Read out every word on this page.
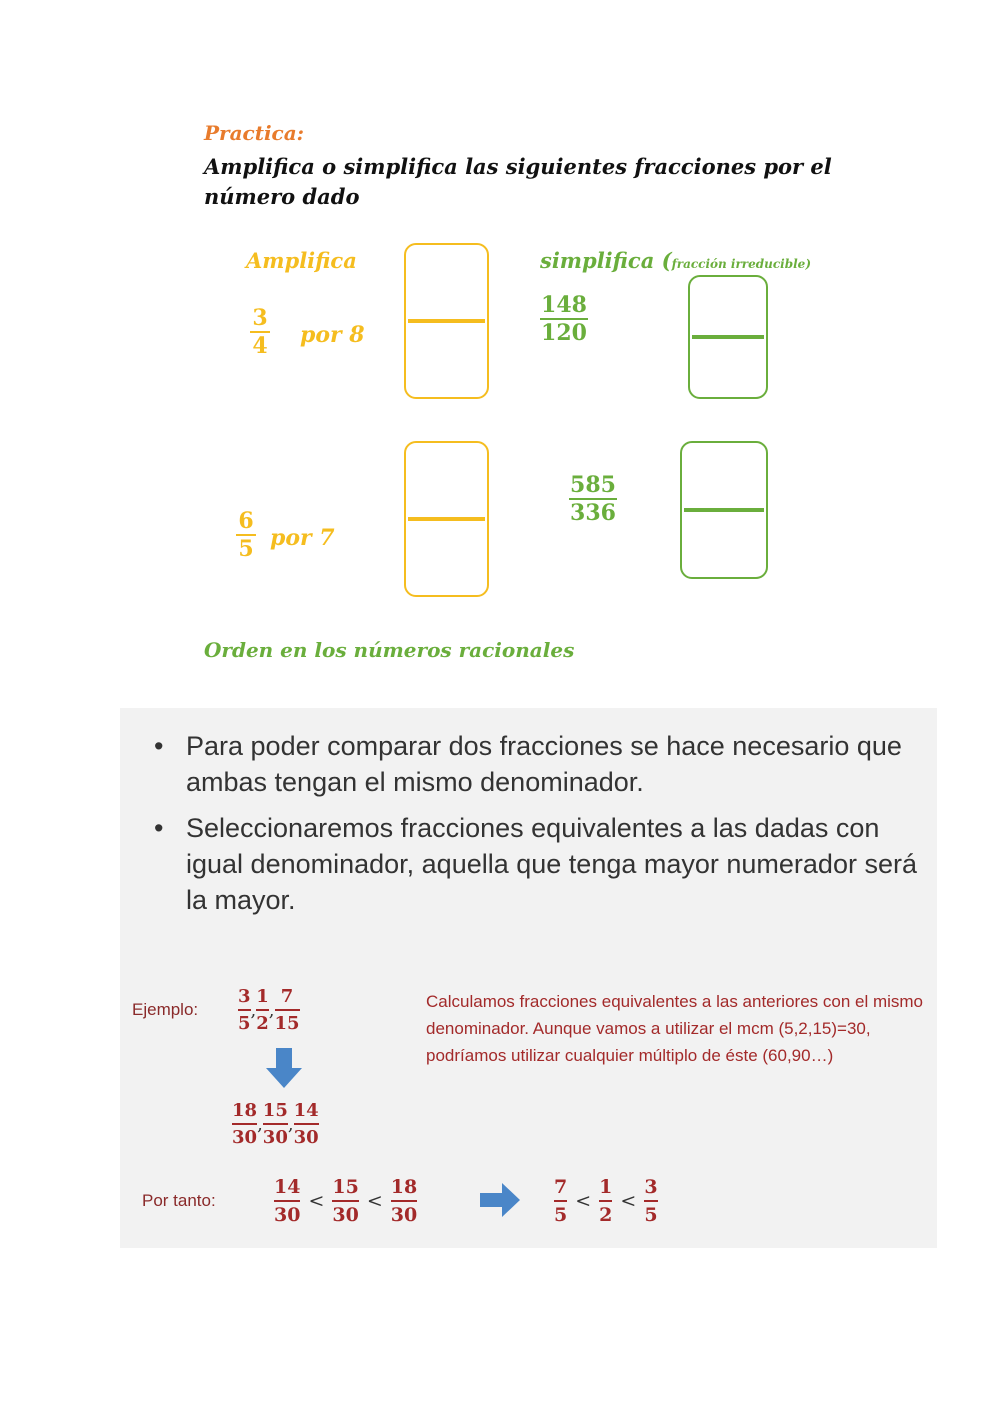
Practica:
Amplifica o simplifica las siguientes fracciones por el número dado
Amplifica	simplifica (fracción irreducible)
3
4 por 8
148
120
6
5 por 7
585
336
Orden en los números racionales
• Para poder comparar dos fracciones se hace necesario que ambas tengan el mismo denominador.
• Seleccionaremos fracciones equivalentes a las dadas con igual denominador, aquella que tenga mayor numerador será la mayor.
Ejemplo:
3
5
,
1
2
,
7
15
18
30
,
15
30
,
14
30
Calculamos fracciones equivalentes a las anteriores con el mismo denominador. Aunque vamos a utilizar el mcm (5,2,15)=30, podríamos utilizar cualquier múltiplo de éste (60,90…)
Por tanto:
14
30
<
15
30
<
18
30
7
5
<
1
2
<
3
5
